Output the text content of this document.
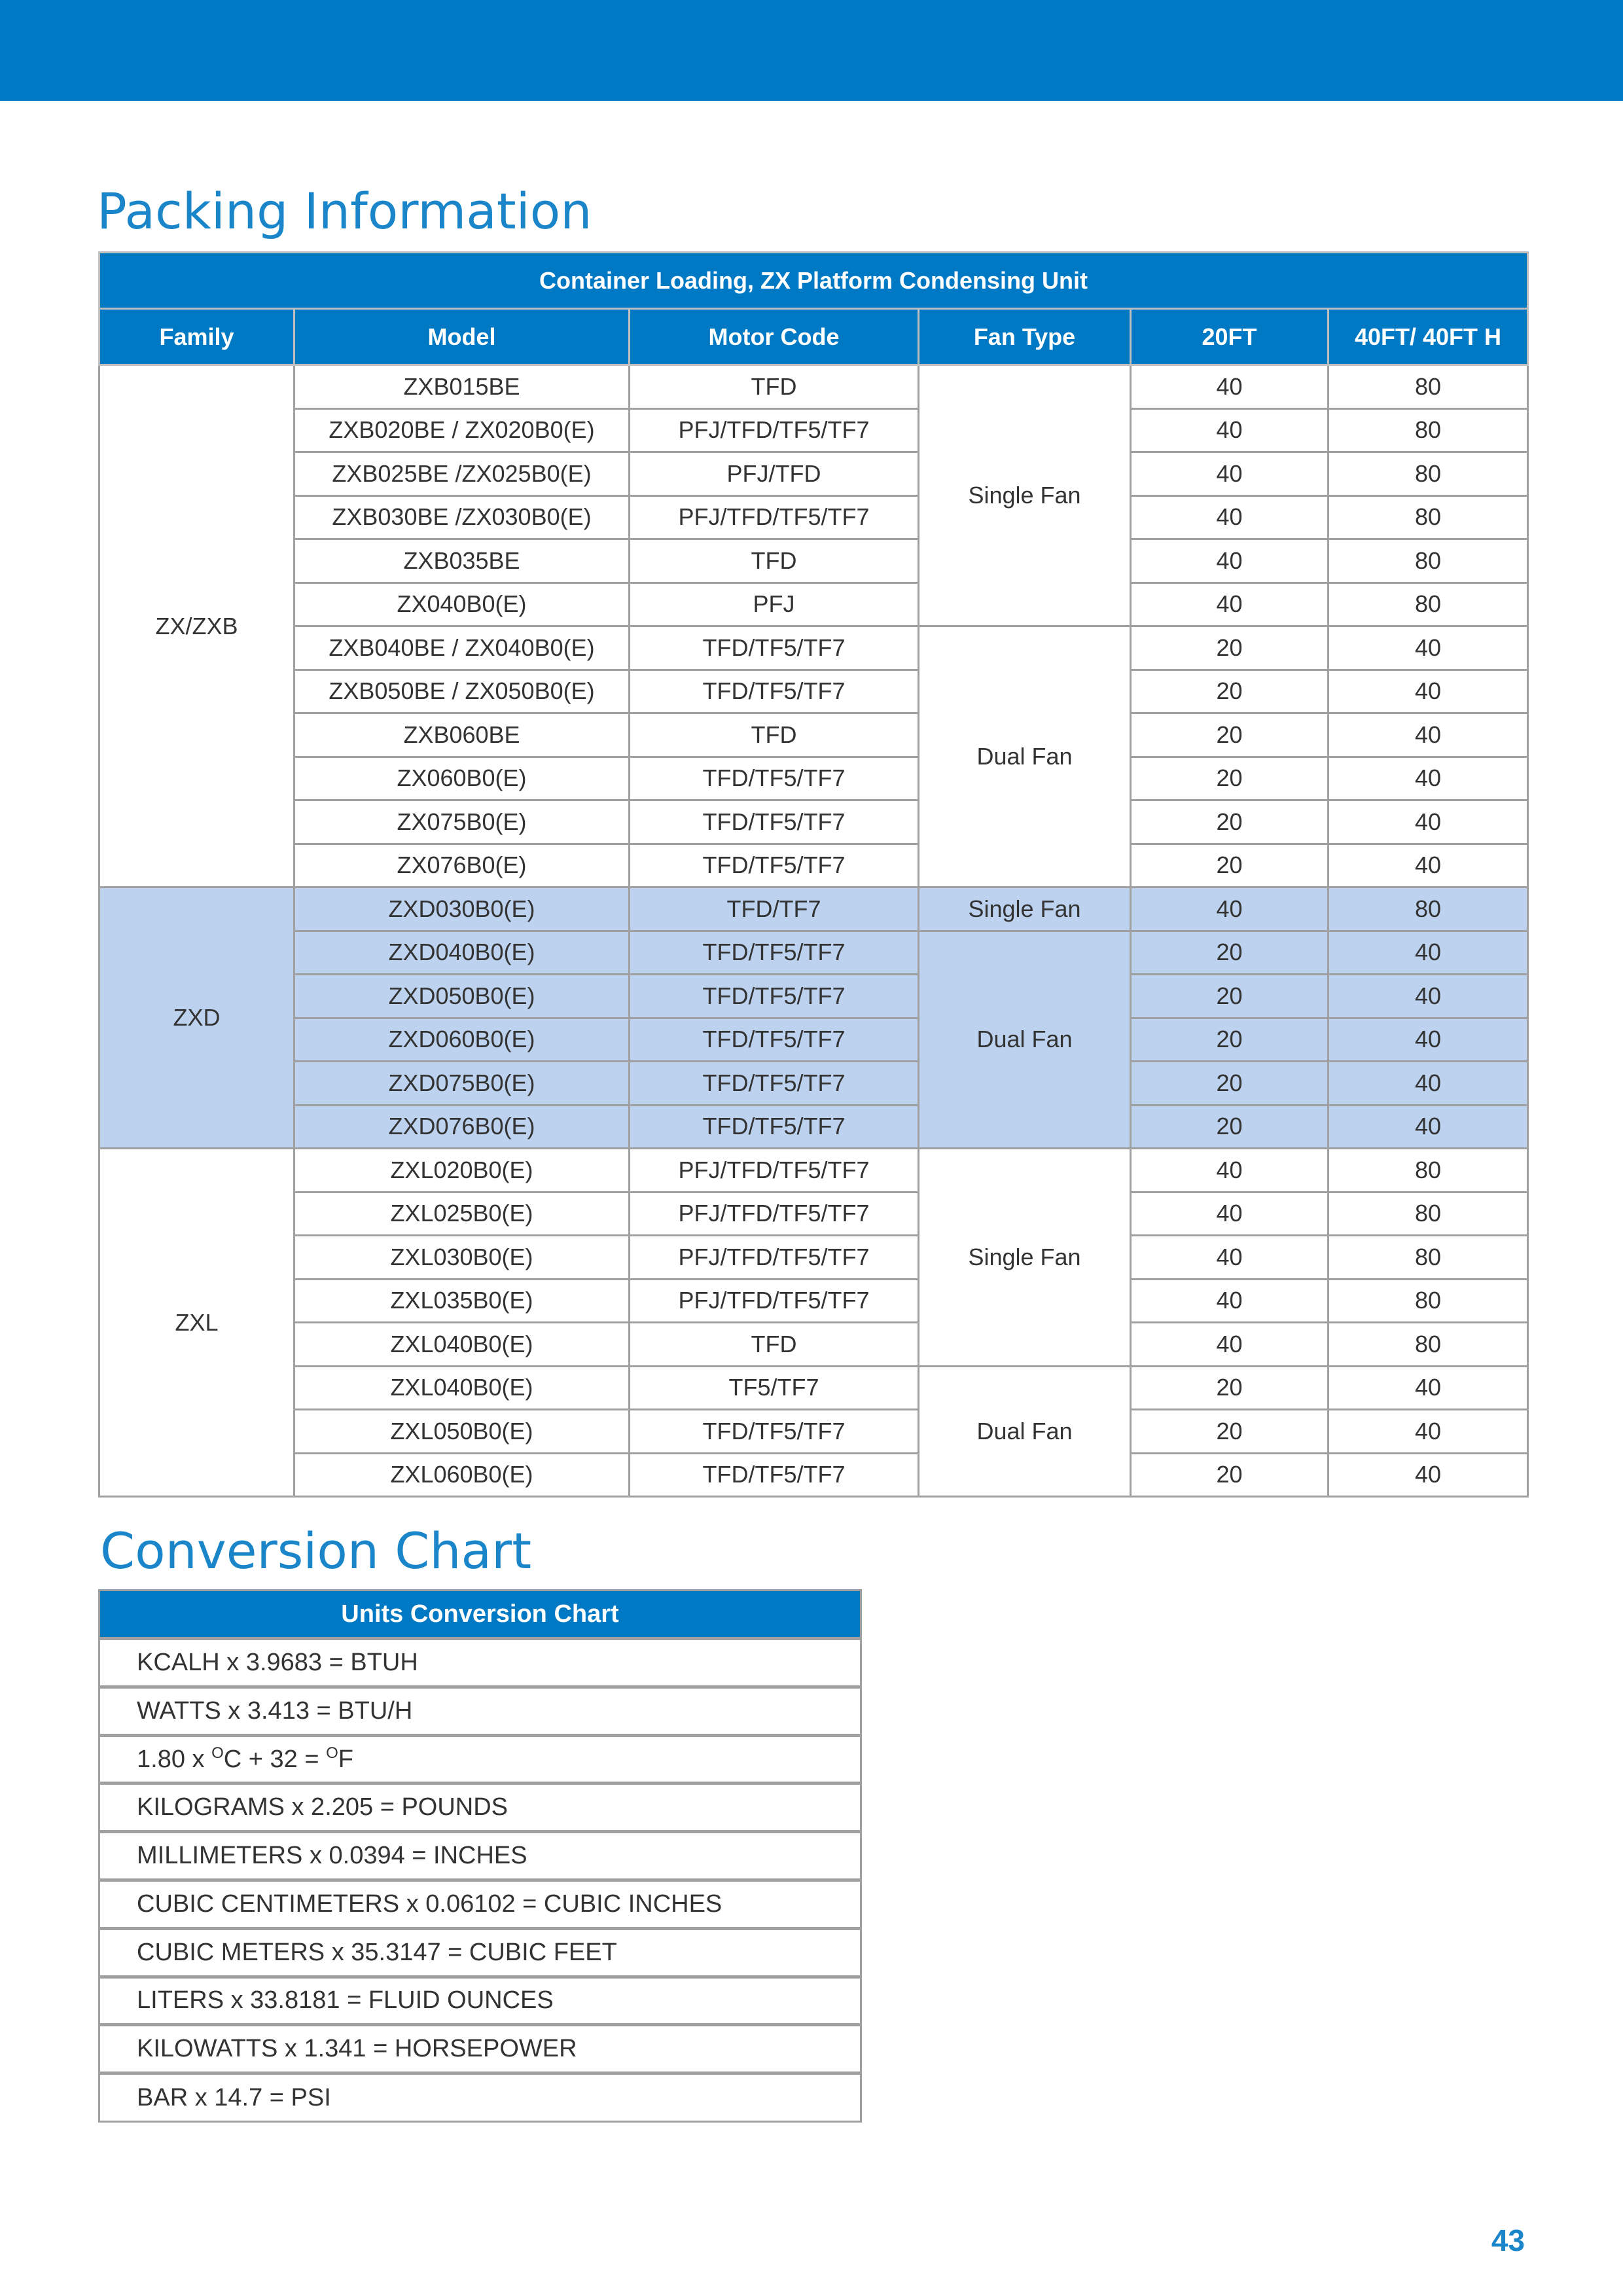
Packing Information
Container Loading, ZX Platform Condensing Unit					
Family	Model	Motor Code	Fan Type	20FT	40FT/ 40FT H
ZX/ZXB	ZXB015BE	TFD	Single Fan	40	80
	ZXB020BE / ZX020B0(E)	PFJ/TFD/TF5/TF7		40	80
	ZXB025BE /ZX025B0(E)	PFJ/TFD		40	80
	ZXB030BE /ZX030B0(E)	PFJ/TFD/TF5/TF7		40	80
	ZXB035BE	TFD		40	80
	ZX040B0(E)	PFJ		40	80
	ZXB040BE / ZX040B0(E)	TFD/TF5/TF7	Dual Fan	20	40
	ZXB050BE / ZX050B0(E)	TFD/TF5/TF7		20	40
	ZXB060BE	TFD		20	40
	ZX060B0(E)	TFD/TF5/TF7		20	40
	ZX075B0(E)	TFD/TF5/TF7		20	40
	ZX076B0(E)	TFD/TF5/TF7		20	40
ZXD	ZXD030B0(E)	TFD/TF7	Single Fan	40	80
	ZXD040B0(E)	TFD/TF5/TF7	Dual Fan	20	40
	ZXD050B0(E)	TFD/TF5/TF7		20	40
	ZXD060B0(E)	TFD/TF5/TF7		20	40
	ZXD075B0(E)	TFD/TF5/TF7		20	40
	ZXD076B0(E)	TFD/TF5/TF7		20	40
ZXL	ZXL020B0(E)	PFJ/TFD/TF5/TF7	Single Fan	40	80
	ZXL025B0(E)	PFJ/TFD/TF5/TF7		40	80
	ZXL030B0(E)	PFJ/TFD/TF5/TF7		40	80
	ZXL035B0(E)	PFJ/TFD/TF5/TF7		40	80
	ZXL040B0(E)	TFD		40	80
	ZXL040B0(E)	TF5/TF7	Dual Fan	20	40
	ZXL050B0(E)	TFD/TF5/TF7		20	40
	ZXL060B0(E)	TFD/TF5/TF7		20	40
Conversion Chart
Units Conversion Chart
KCALH x 3.9683 = BTUH
WATTS x 3.413 = BTU/H
1.80 x $^O$C + 32 = $^O$F
KILOGRAMS x 2.205 = POUNDS
MILLIMETERS x 0.0394 = INCHES
CUBIC CENTIMETERS x 0.06102 = CUBIC INCHES
CUBIC METERS x 35.3147 = CUBIC FEET
LITERS x 33.8181 = FLUID OUNCES
KILOWATTS x 1.341 = HORSEPOWER
BAR x 14.7 = PSI
43
